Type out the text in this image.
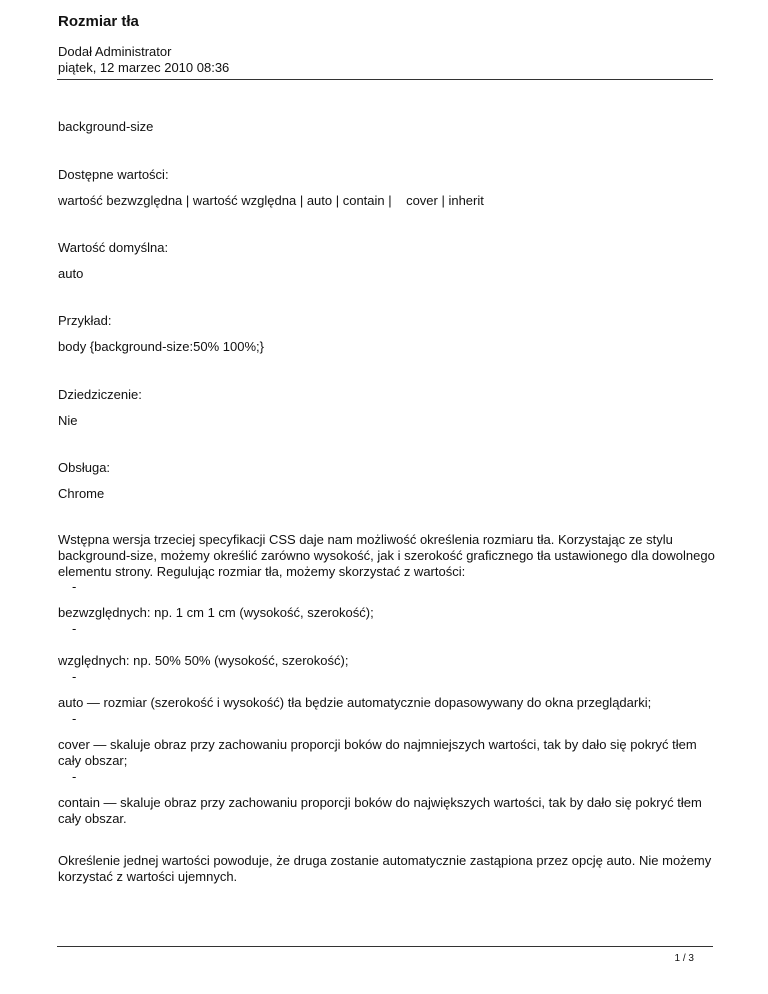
Rozmiar tła
Dodał Administrator
piątek, 12 marzec 2010 08:36
background-size
Dostępne wartości:
wartość bezwzględna | wartość względna | auto | contain |    cover | inherit
Wartość domyślna:
auto
Przykład:
body {background-size:50% 100%;}
Dziedziczenie:
Nie
Obsługa:
Chrome
Wstępna wersja trzeciej specyfikacji CSS daje nam możliwość określenia rozmiaru tła. Korzystając ze stylu background-size, możemy określić zarówno wysokość, jak i szerokość graficznego tła ustawionego dla dowolnego elementu strony. Regulując rozmiar tła, możemy skorzystać z wartości:
-
bezwzględnych: np. 1 cm 1 cm (wysokość, szerokość);
-
względnych: np. 50% 50% (wysokość, szerokość);
-
auto — rozmiar (szerokość i wysokość) tła będzie automatycznie dopasowywany do okna przeglądarki;
-
cover — skaluje obraz przy zachowaniu proporcji boków do najmniejszych wartości, tak by dało się pokryć tłem cały obszar;
-
contain — skaluje obraz przy zachowaniu proporcji boków do największych wartości, tak by dało się pokryć tłem cały obszar.
Określenie jednej wartości powoduje, że druga zostanie automatycznie zastąpiona przez opcję auto. Nie możemy korzystać z wartości ujemnych.
1 / 3
